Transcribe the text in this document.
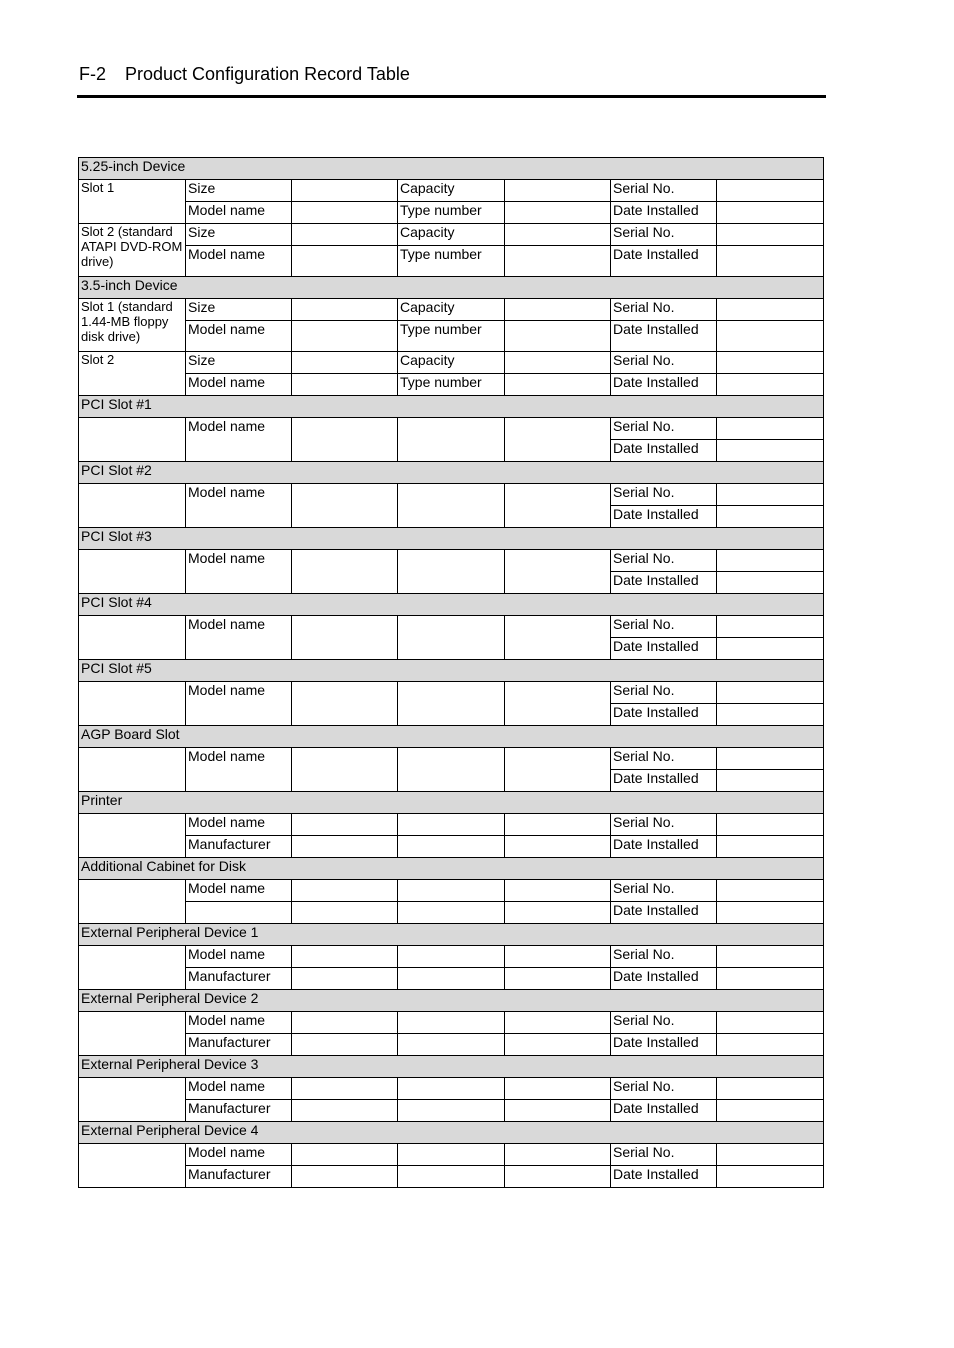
F-2 Product Configuration Record Table
5.25-inch Device						
Slot 1	Size		Capacity		Serial No.	
	Model name		Type number		Date Installed	
Slot 2 (standard ATAPI DVD-ROM drive)	Size		Capacity		Serial No.	
	Model name		Type number		Date Installed	
3.5-inch Device						
Slot 1 (standard 1.44-MB floppy disk drive)	Size		Capacity		Serial No.	
	Model name		Type number		Date Installed	
Slot 2	Size		Capacity		Serial No.	
	Model name		Type number		Date Installed	
PCI Slot #1						
	Model name				Serial No.	
					Date Installed	
PCI Slot #2						
	Model name				Serial No.	
					Date Installed	
PCI Slot #3						
	Model name				Serial No.	
					Date Installed	
PCI Slot #4						
	Model name				Serial No.	
					Date Installed	
PCI Slot #5						
	Model name				Serial No.	
					Date Installed	
AGP Board Slot						
	Model name				Serial No.	
					Date Installed	
Printer						
	Model name				Serial No.	
	Manufacturer				Date Installed	
Additional Cabinet for Disk						
	Model name				Serial No.	
					Date Installed	
External Peripheral Device 1						
	Model name				Serial No.	
	Manufacturer				Date Installed	
External Peripheral Device 2						
	Model name				Serial No.	
	Manufacturer				Date Installed	
External Peripheral Device 3						
	Model name				Serial No.	
	Manufacturer				Date Installed	
External Peripheral Device 4						
	Model name				Serial No.	
	Manufacturer				Date Installed	
